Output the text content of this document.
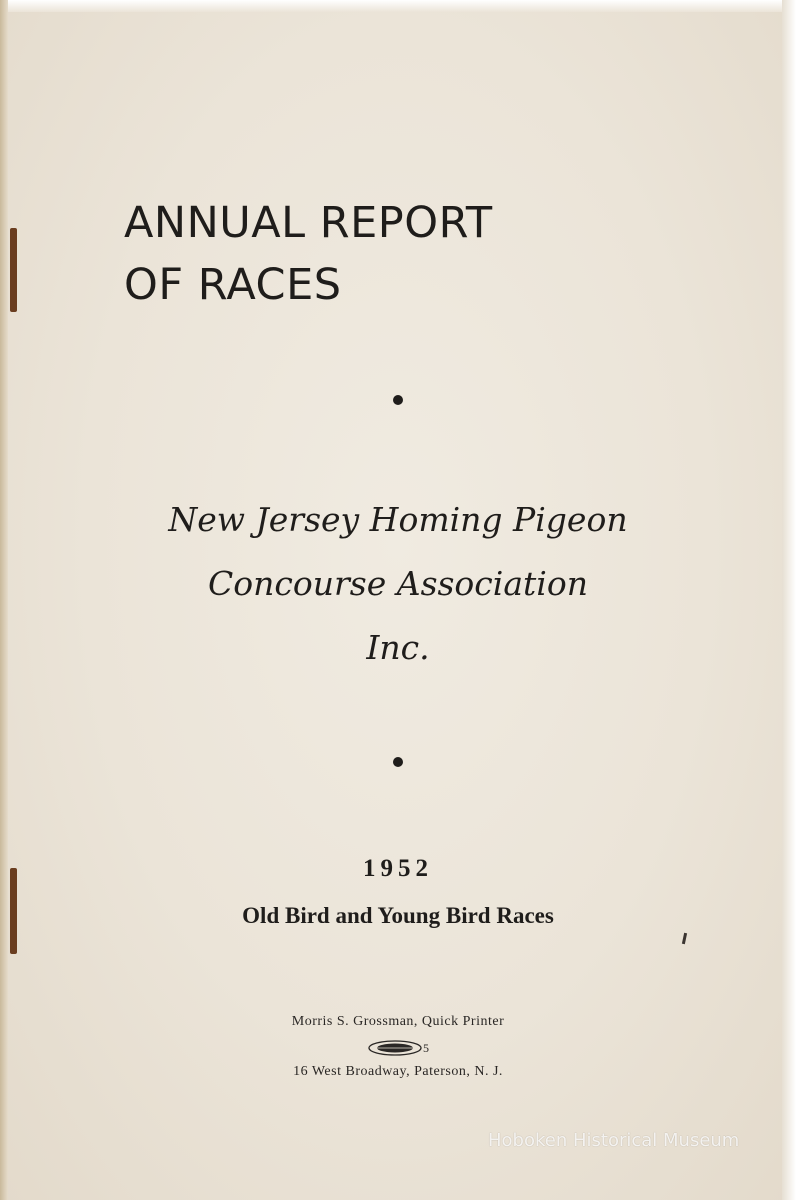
ANNUAL REPORT
OF RACES
New Jersey Homing Pigeon
Concourse Association
Inc.
1952
Old Bird and Young Bird Races
Morris S. Grossman, Quick Printer
5
16 West Broadway, Paterson, N. J.
Hoboken Historical Museum
